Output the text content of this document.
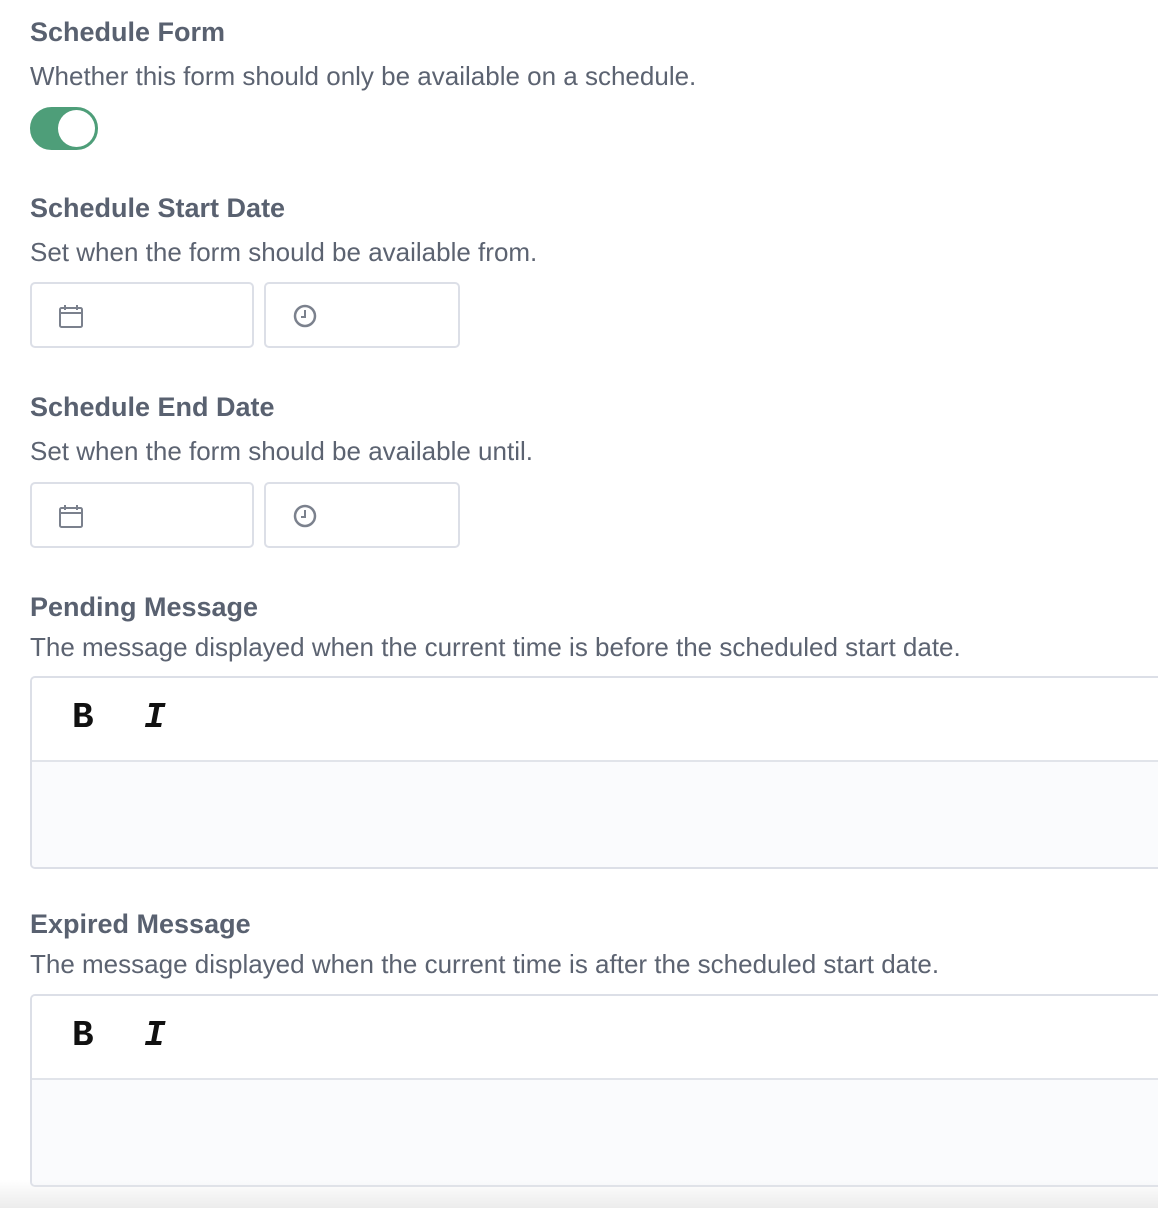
Schedule Form
Whether this form should only be available on a schedule.
Schedule Start Date
Set when the form should be available from.
Schedule End Date
Set when the form should be available until.
Pending Message
The message displayed when the current time is before the scheduled start date.
B I
Expired Message
The message displayed when the current time is after the scheduled start date.
B I
